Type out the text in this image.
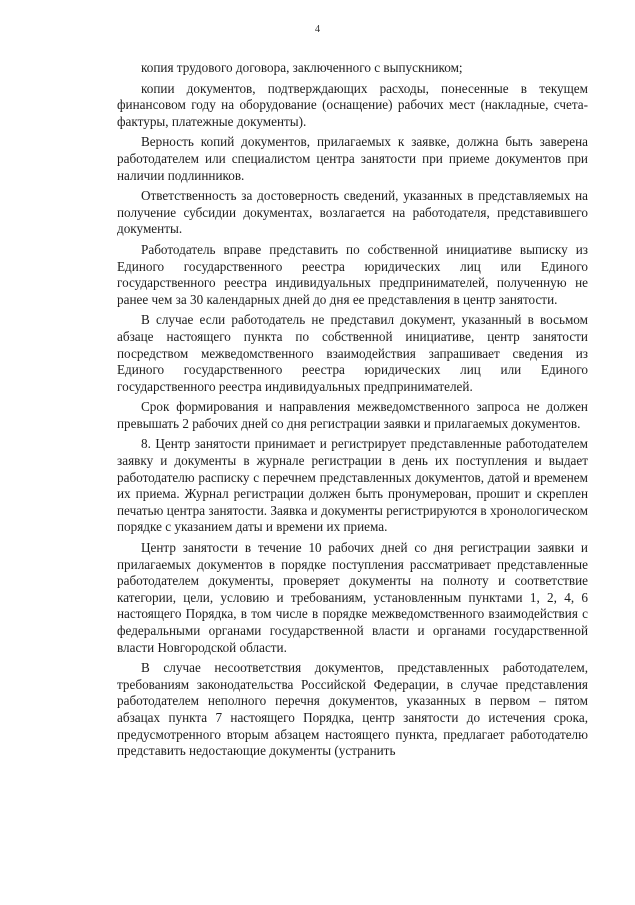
4

копия трудового договора, заключенного с выпускником;

копии документов, подтверждающих расходы, понесенные в текущем финансовом году на оборудование (оснащение) рабочих мест (накладные, счета-фактуры, платежные документы).

Верность копий документов, прилагаемых к заявке, должна быть заверена работодателем или специалистом центра занятости при приеме документов при наличии подлинников.

Ответственность за достоверность сведений, указанных в представляемых на получение субсидии документах, возлагается на работодателя, представившего документы.

Работодатель вправе представить по собственной инициативе выписку из Единого государственного реестра юридических лиц или Единого государственного реестра индивидуальных предпринимателей, полученную не ранее чем за 30 календарных дней до дня ее представления в центр занятости.

В случае если работодатель не представил документ, указанный в восьмом абзаце настоящего пункта по собственной инициативе, центр занятости посредством межведомственного взаимодействия запрашивает сведения из Единого государственного реестра юридических лиц или Единого государственного реестра индивидуальных предпринимателей.

Срок формирования и направления межведомственного запроса не должен превышать 2 рабочих дней со дня регистрации заявки и прилагаемых документов.

8. Центр занятости принимает и регистрирует представленные работодателем заявку и документы в журнале регистрации в день их поступления и выдает работодателю расписку с перечнем представленных документов, датой и временем их приема. Журнал регистрации должен быть пронумерован, прошит и скреплен печатью центра занятости. Заявка и документы регистрируются в хронологическом порядке с указанием даты и времени их приема.

Центр занятости в течение 10 рабочих дней со дня регистрации заявки и прилагаемых документов в порядке поступления рассматривает представленные работодателем документы, проверяет документы на полноту и соответствие категории, цели, условию и требованиям, установленным пунктами 1, 2, 4, 6 настоящего Порядка, в том числе в порядке межведомственного взаимодействия с федеральными органами государственной власти и органами государственной власти Новгородской области.

В случае несоответствия документов, представленных работодателем, требованиям законодательства Российской Федерации, в случае представления работодателем неполного перечня документов, указанных в первом – пятом абзацах пункта 7 настоящего Порядка, центр занятости до истечения срока, предусмотренного вторым абзацем настоящего пункта, предлагает работодателю представить недостающие документы (устранить
